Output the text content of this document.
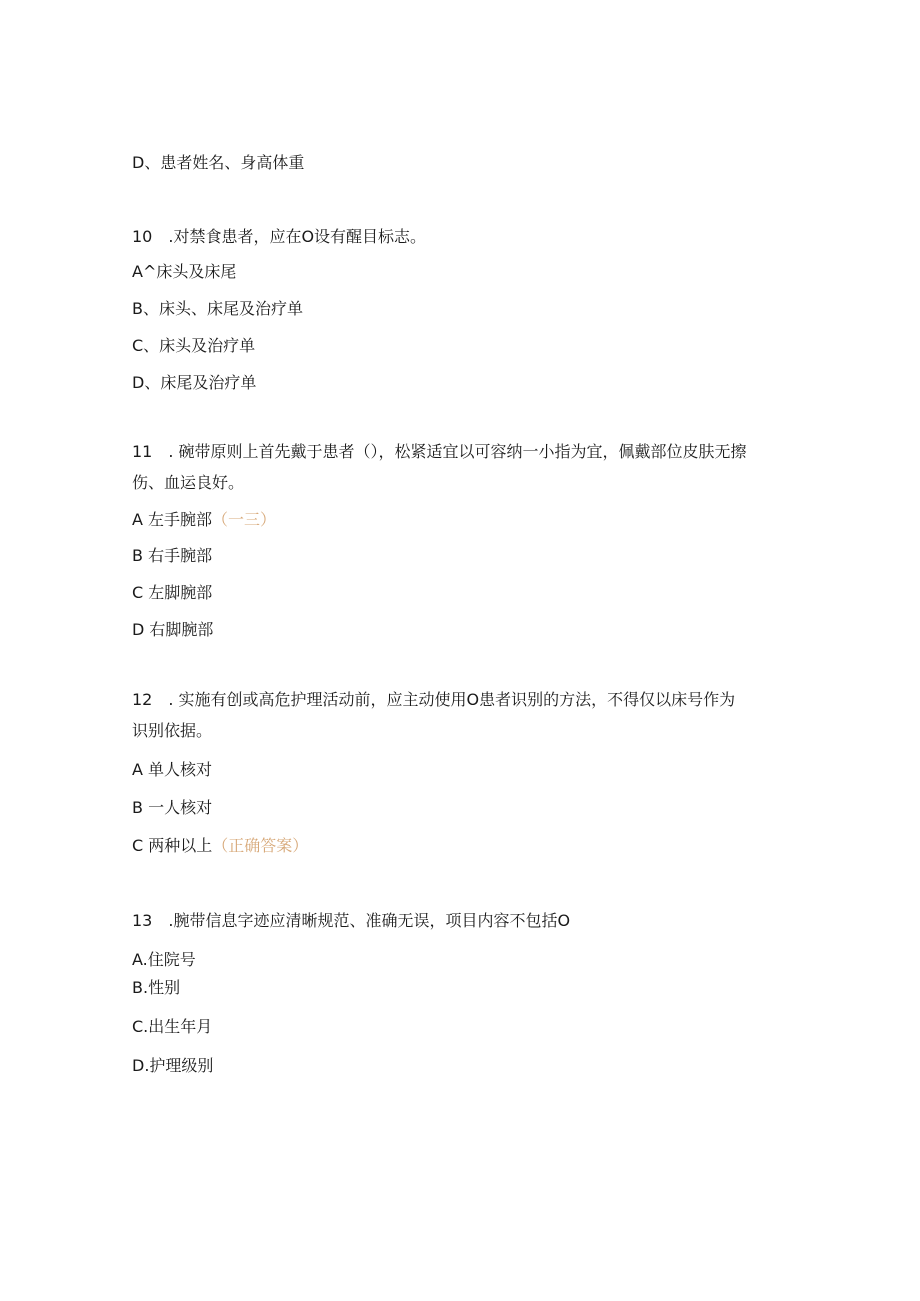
D、患者姓名、身高体重
10　.对禁食患者，应在O设有醒目标志。
A^床头及床尾
B、床头、床尾及治疗单
C、床头及治疗单
D、床尾及治疗单
11　. 碗带原则上首先戴于患者（），松紧适宜以可容纳一小指为宜，佩戴部位皮肤无擦
伤、血运良好。
A 左手腕部（一三）
B 右手腕部
C 左脚腕部
D 右脚腕部
12　. 实施有创或高危护理活动前，应主动使用O患者识别的方法，不得仅以床号作为
识别依据。
A 单人核对
B 一人核对
C 两种以上（正确答案）
13　.腕带信息字迹应清晰规范、准确无误，项目内容不包括O
A.住院号
B.性别
C.出生年月
D.护理级别
